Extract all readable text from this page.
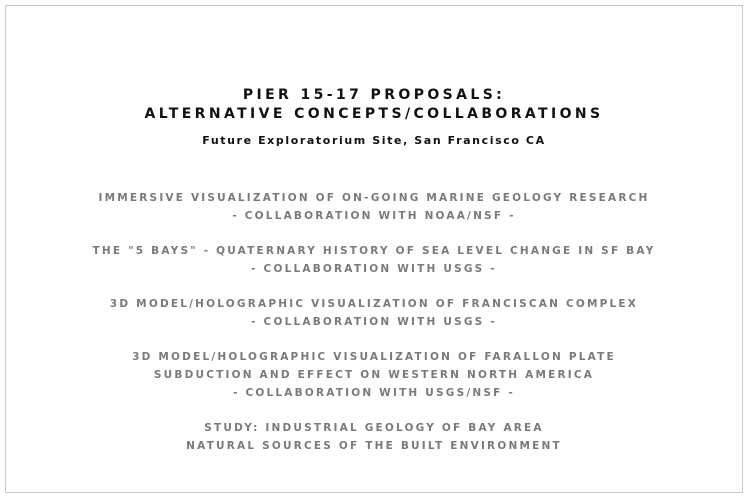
PIER 15-17 PROPOSALS:
ALTERNATIVE CONCEPTS/COLLABORATIONS
Future Exploratorium Site, San Francisco CA
IMMERSIVE VISUALIZATION OF ON-GOING MARINE GEOLOGY RESEARCH
- COLLABORATION WITH NOAA/NSF -
THE "5 BAYS" - QUATERNARY HISTORY OF SEA LEVEL CHANGE IN SF BAY
- COLLABORATION WITH USGS -
3D MODEL/HOLOGRAPHIC VISUALIZATION OF FRANCISCAN COMPLEX
- COLLABORATION WITH USGS -
3D MODEL/HOLOGRAPHIC VISUALIZATION OF FARALLON PLATE
SUBDUCTION AND EFFECT ON WESTERN NORTH AMERICA
- COLLABORATION WITH USGS/NSF -
STUDY: INDUSTRIAL GEOLOGY OF BAY AREA
NATURAL SOURCES OF THE BUILT ENVIRONMENT
